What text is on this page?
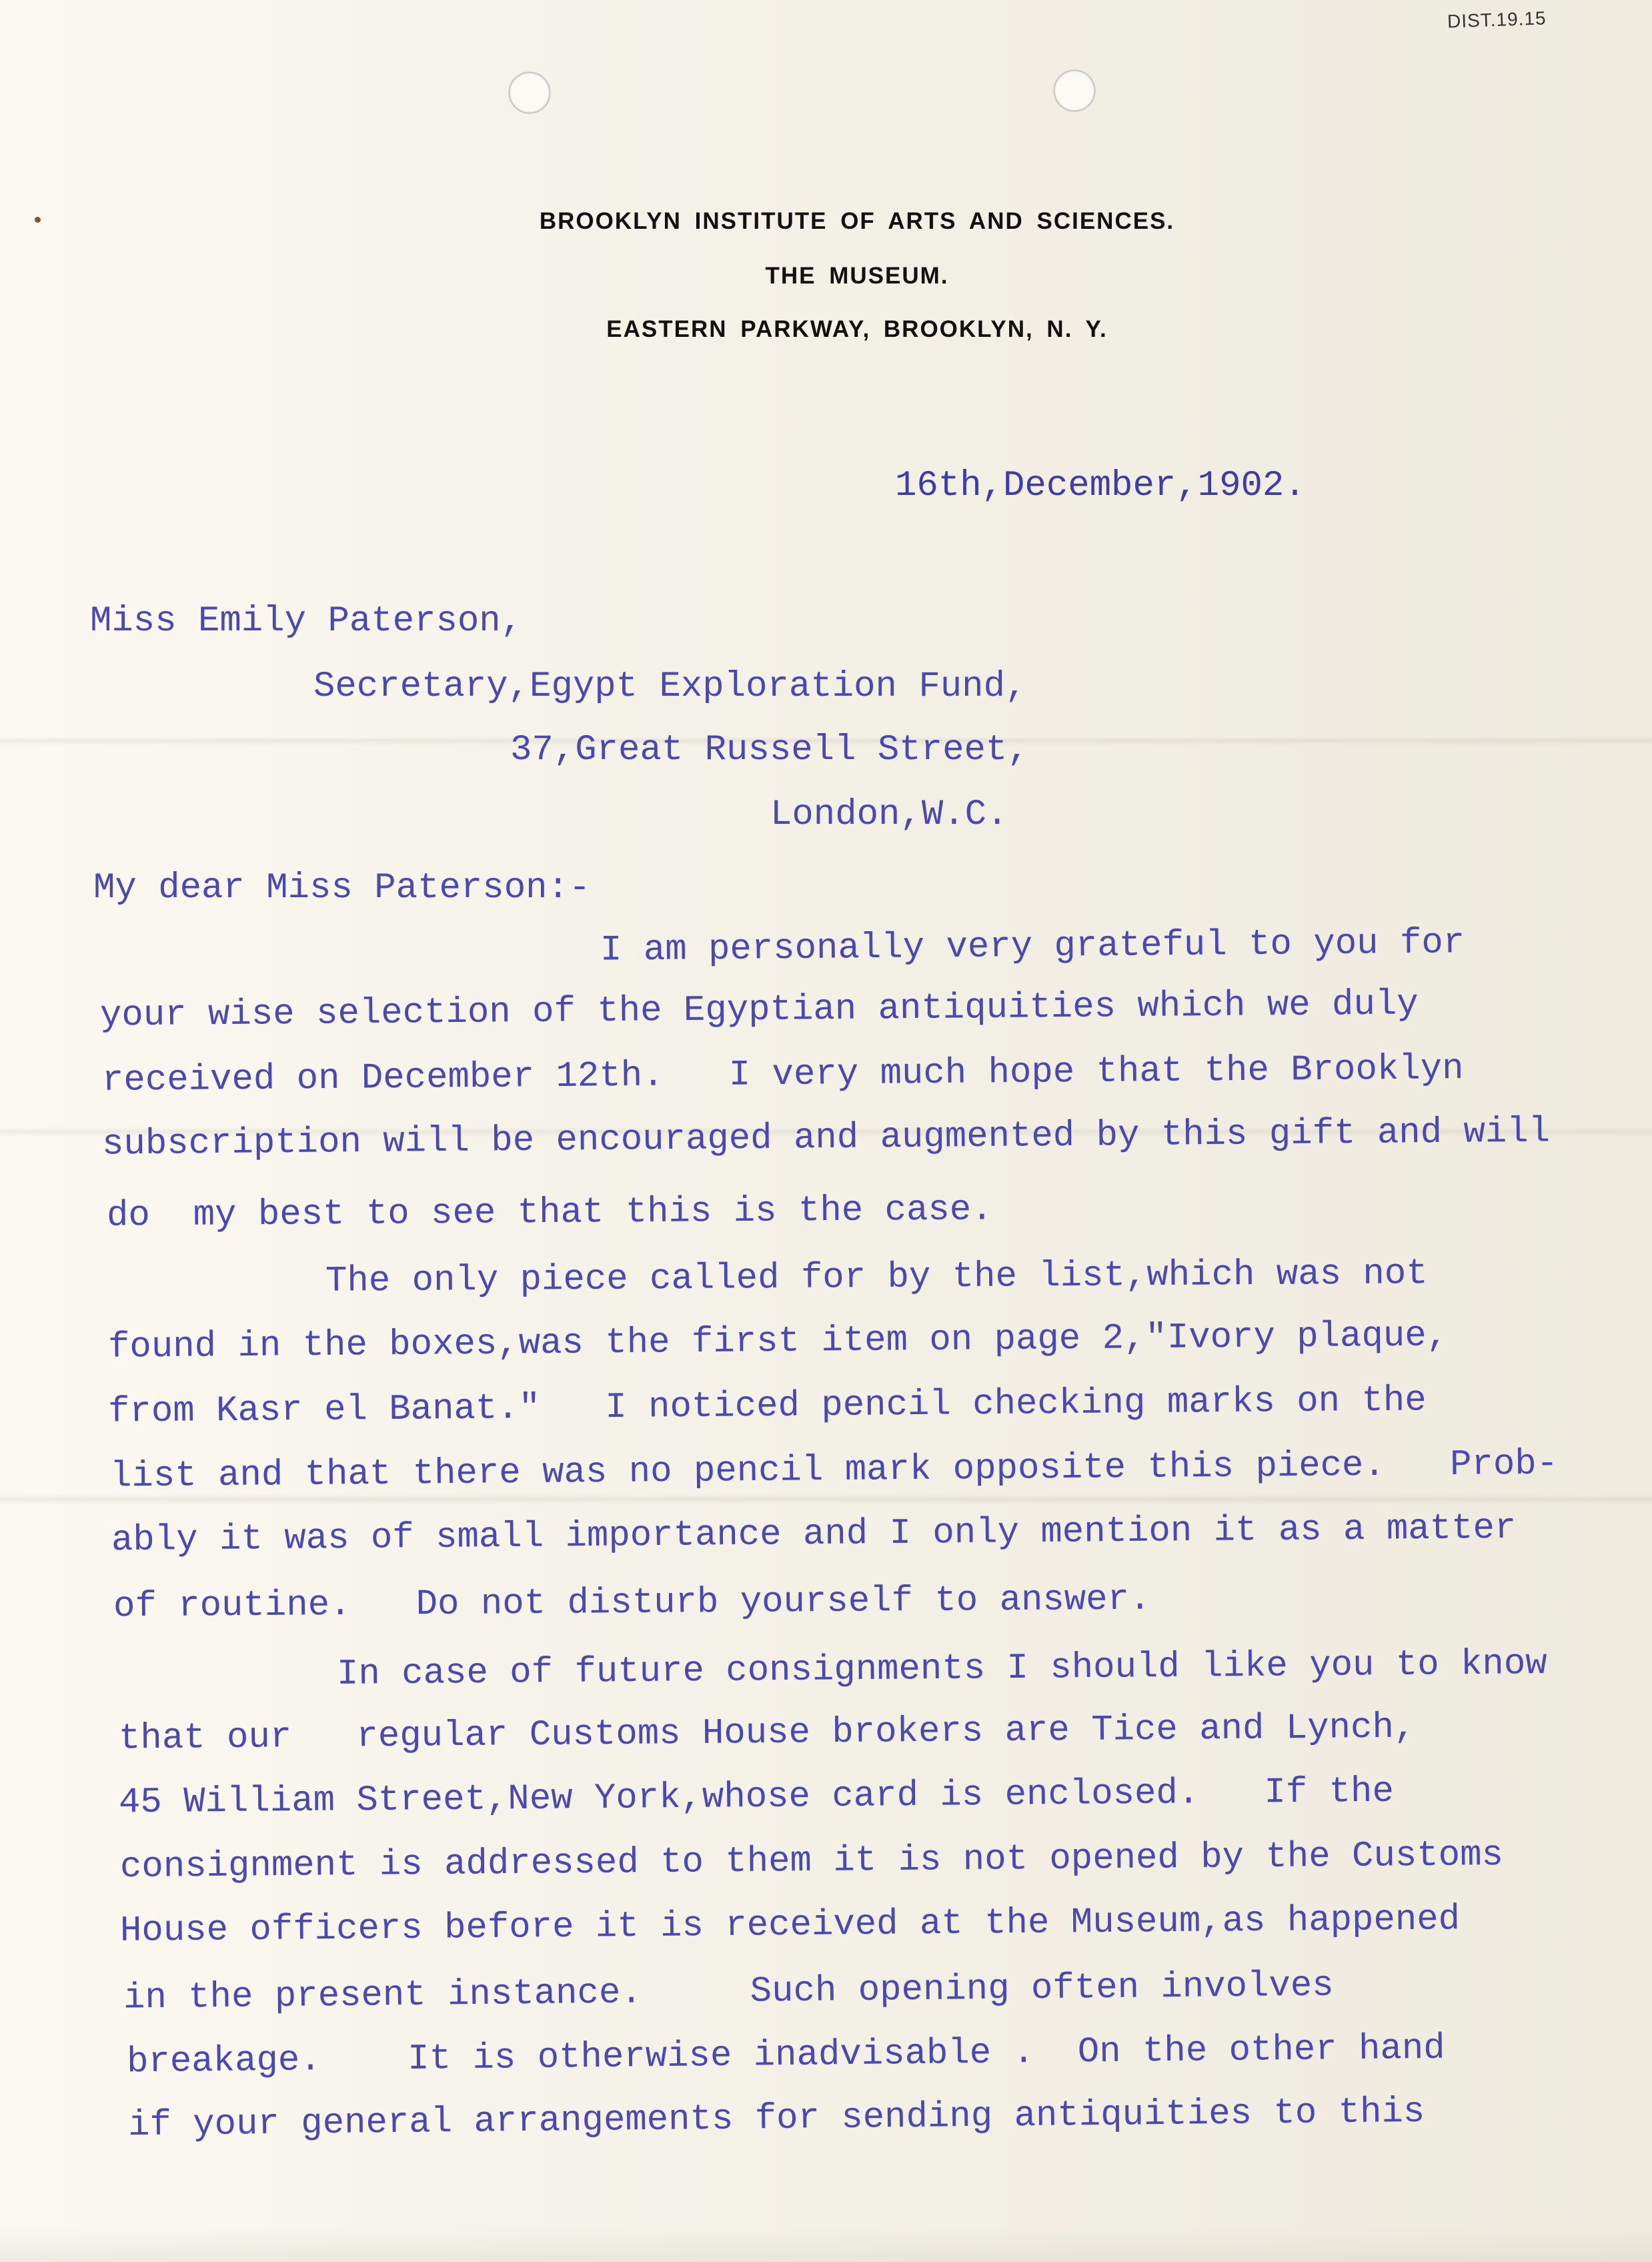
DIST.19.15
BROOKLYN INSTITUTE OF ARTS AND SCIENCES.
THE MUSEUM.
EASTERN PARKWAY, BROOKLYN, N. Y.
16th,December,1902.
Miss Emily Paterson,
Secretary,Egypt Exploration Fund,
37,Great Russell Street,
London,W.C.
My dear Miss Paterson:-
I am personally very grateful to you for
your wise selection of the Egyptian antiquities which we duly
received on December 12th.   I very much hope that the Brooklyn
subscription will be encouraged and augmented by this gift and will
do  my best to see that this is the case.
The only piece called for by the list,which was not
found in the boxes,was the first item on page 2,"Ivory plaque,
from Kasr el Banat."   I noticed pencil checking marks on the
list and that there was no pencil mark opposite this piece.   Prob-
ably it was of small importance and I only mention it as a matter
of routine.   Do not disturb yourself to answer.
In case of future consignments I should like you to know
that our   regular Customs House brokers are Tice and Lynch,
45 William Street,New York,whose card is enclosed.   If the
consignment is addressed to them it is not opened by the Customs
House officers before it is received at the Museum,as happened
in the present instance.     Such opening often involves
breakage.    It is otherwise inadvisable .  On the other hand
if your general arrangements for sending antiquities to this
